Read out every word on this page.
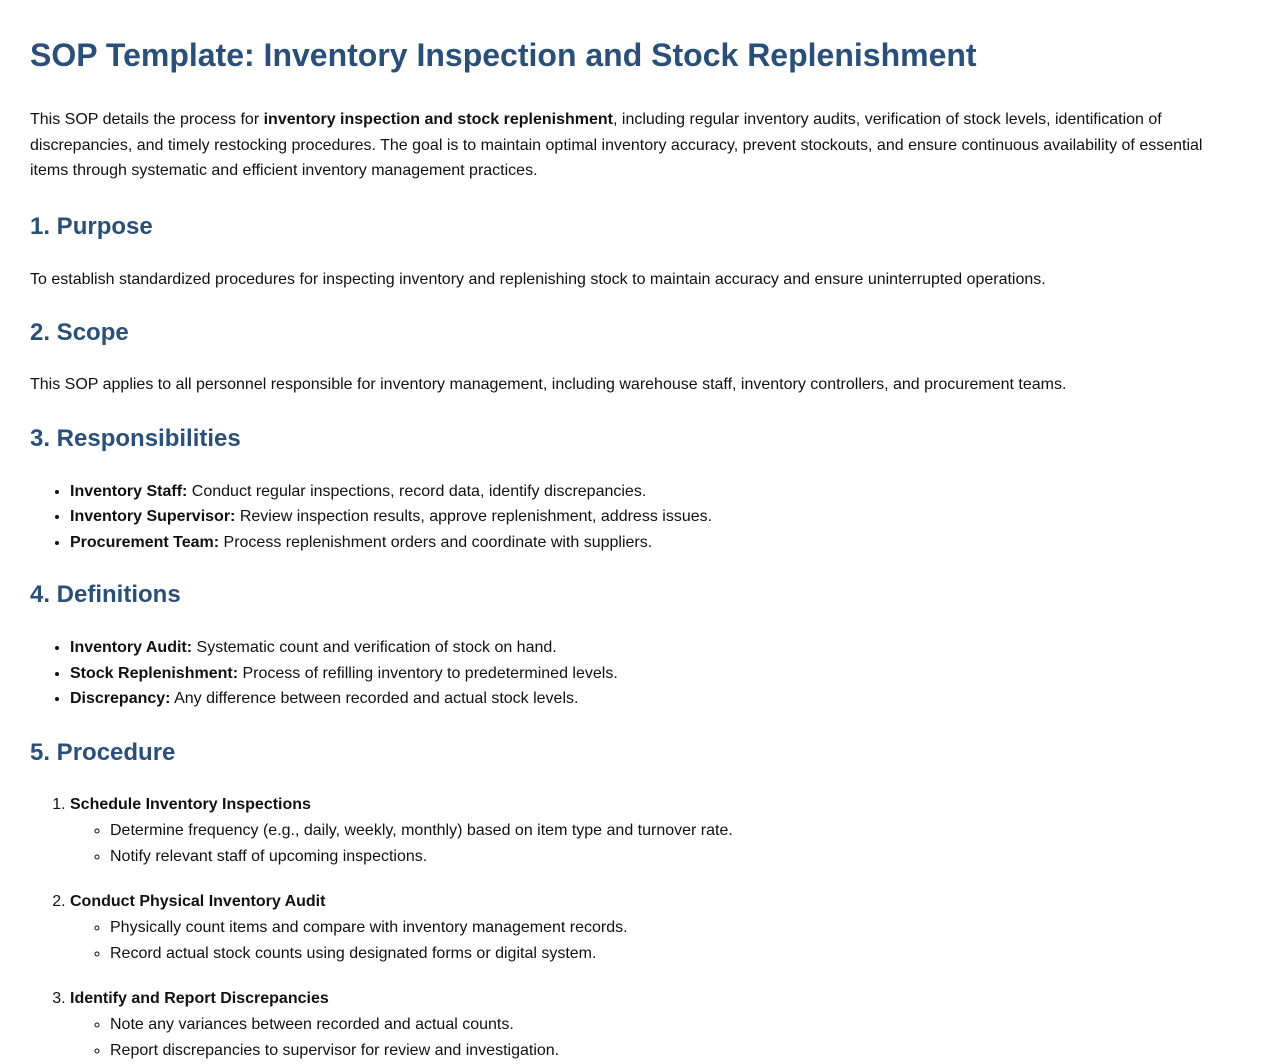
SOP Template: Inventory Inspection and Stock Replenishment

This SOP details the process for inventory inspection and stock replenishment, including regular inventory audits, verification of stock levels, identification of discrepancies, and timely restocking procedures. The goal is to maintain optimal inventory accuracy, prevent stockouts, and ensure continuous availability of essential items through systematic and efficient inventory management practices.

1. Purpose

To establish standardized procedures for inspecting inventory and replenishing stock to maintain accuracy and ensure uninterrupted operations.

2. Scope

This SOP applies to all personnel responsible for inventory management, including warehouse staff, inventory controllers, and procurement teams.

3. Responsibilities
• Inventory Staff: Conduct regular inspections, record data, identify discrepancies.
• Inventory Supervisor: Review inspection results, approve replenishment, address issues.
• Procurement Team: Process replenishment orders and coordinate with suppliers.
4. Definitions
• Inventory Audit: Systematic count and verification of stock on hand.
• Stock Replenishment: Process of refilling inventory to predetermined levels.
• Discrepancy: Any difference between recorded and actual stock levels.
5. Procedure
1. Schedule Inventory Inspections
◦ Determine frequency (e.g., daily, weekly, monthly) based on item type and turnover rate.
◦ Notify relevant staff of upcoming inspections.
2. Conduct Physical Inventory Audit
◦ Physically count items and compare with inventory management records.
◦ Record actual stock counts using designated forms or digital system.
3. Identify and Report Discrepancies
◦ Note any variances between recorded and actual counts.
◦ Report discrepancies to supervisor for review and investigation.
